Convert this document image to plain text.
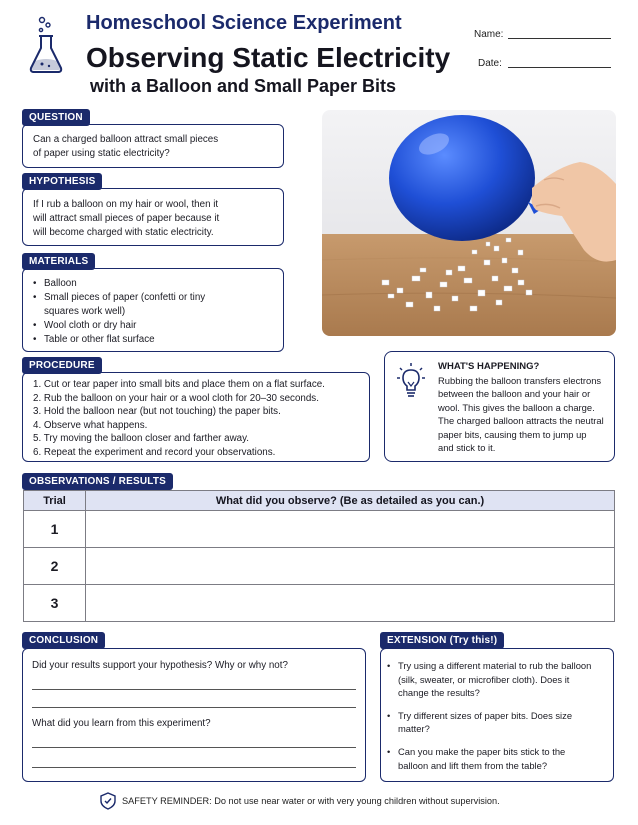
Homeschool Science Experiment
Observing Static Electricity
with a Balloon and Small Paper Bits
Name:
Date:
Can a charged balloon attract small pieces
of paper using static electricity?
QUESTION
If I rub a balloon on my hair or wool, then it
will attract small pieces of paper because it
will become charged with static electricity.
HYPOTHESIS
• Balloon
• Small pieces of paper (confetti or tiny
squares work well)
• Wool cloth or dry hair
• Table or other flat surface
MATERIALS
1. Cut or tear paper into small bits and place them on a flat surface.
2. Rub the balloon on your hair or a wool cloth for 20–30 seconds.
3. Hold the balloon near (but not touching) the paper bits.
4. Observe what happens.
5. Try moving the balloon closer and farther away.
6. Repeat the experiment and record your observations.
PROCEDURE	WHAT'S HAPPENING?
Rubbing the balloon transfers electrons
between the balloon and your hair or
wool. This gives the balloon a charge.
The charged balloon attracts the neutral
paper bits, causing them to jump up
and stick to it.
OBSERVATIONS / RESULTS
Trial	What did you observe? (Be as detailed as you can.)
1	
2	
3	
Did your results support your hypothesis? Why or why not?
What did you learn from this experiment?
CONCLUSION
• Try using a different material to rub the balloon
(silk, sweater, or microfiber cloth). Does it
change the results?
• Try different sizes of paper bits. Does size
matter?
• Can you make the paper bits stick to the
balloon and lift them from the table?
EXTENSION (Try this!)
SAFETY REMINDER: Do not use near water or with very young children without supervision.
